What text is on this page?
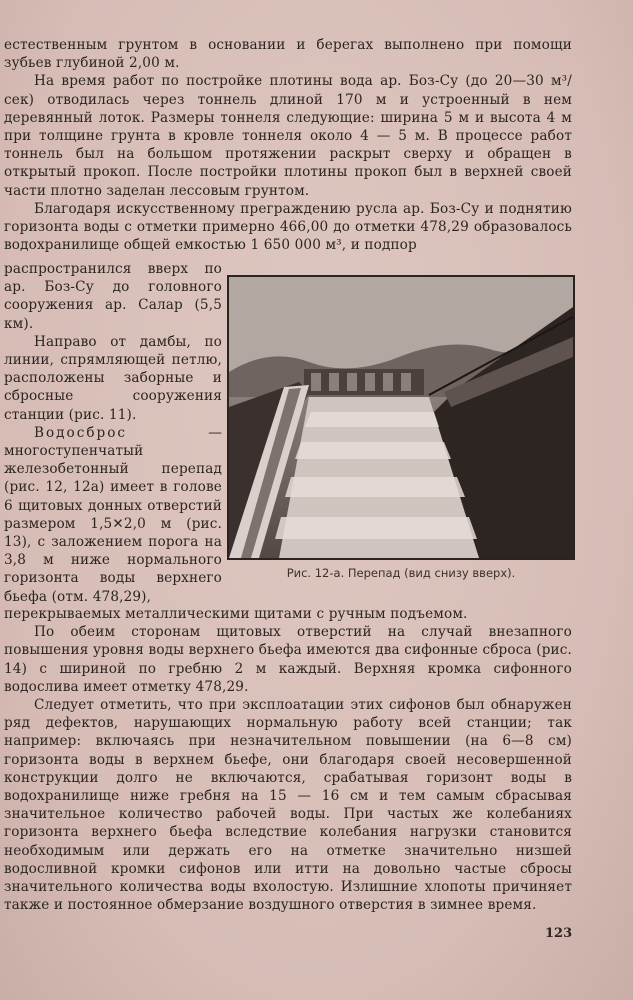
естественным грунтом в основании и берегах выполнено при помощи зубьев глубиной 2,00 м.

На время работ по постройке плотины вода ар. Боз-Су (до 20—30 м³/сек) отводилась через тоннель длиной 170 м и устроенный в нем деревянный лоток. Размеры тоннеля следующие: ширина 5 м и высота 4 м при толщине грунта в кровле тоннеля около 4 — 5 м. В процессе работ тоннель был на большом протяжении раскрыт сверху и обращен в открытый прокоп. После постройки плотины прокоп был в верхней своей части плотно заделан лессовым грунтом.

Благодаря искусственному преграждению русла ар. Боз-Су и поднятию горизонта воды с отметки примерно 466,00 до отметки 478,29 образовалось водохранилище общей емкостью 1 650 000 м³, и подпор

распространился вверх по ар. Боз-Су до головного сооружения ар. Салар (5,5 км).

Направо от дамбы, по линии, спрямляющей петлю, расположены заборные и сбросные сооружения станции (рис. 11).

Водосброс — многоступенчатый железобетонный перепад (рис. 12, 12а) имеет в голове 6 щитовых донных отверстий размером 1,5✕2,0 м (рис. 13), с заложением порога на 3,8 м ниже нормального горизонта воды верхнего бьефа (отм. 478,29),

Рис. 12-а. Перепад (вид снизу вверх).

перекрываемых металлическими щитами с ручным подъемом.

По обеим сторонам щитовых отверстий на случай внезапного повышения уровня воды верхнего бьефа имеются два сифонные сброса (рис. 14) с шириной по гребню 2 м каждый. Верхняя кромка сифонного водослива имеет отметку 478,29.

Следует отметить, что при эксплоатации этих сифонов был обнаружен ряд дефектов, нарушающих нормальную работу всей станции; так например: включаясь при незначительном повышении (на 6—8 см) горизонта воды в верхнем бьефе, они благодаря своей несовершенной конструкции долго не включаются, срабатывая горизонт воды в водохранилище ниже гребня на 15 — 16 см и тем самым сбрасывая значительное количество рабочей воды. При частых же колебаниях горизонта верхнего бьефа вследствие колебания нагрузки становится необходимым или держать его на отметке значительно низшей водосливной кромки сифонов или итти на довольно частые сбросы значительного количества воды вхолостую. Излишние хлопоты причиняет также и постоянное обмерзание воздушного отверстия в зимнее время.

123
